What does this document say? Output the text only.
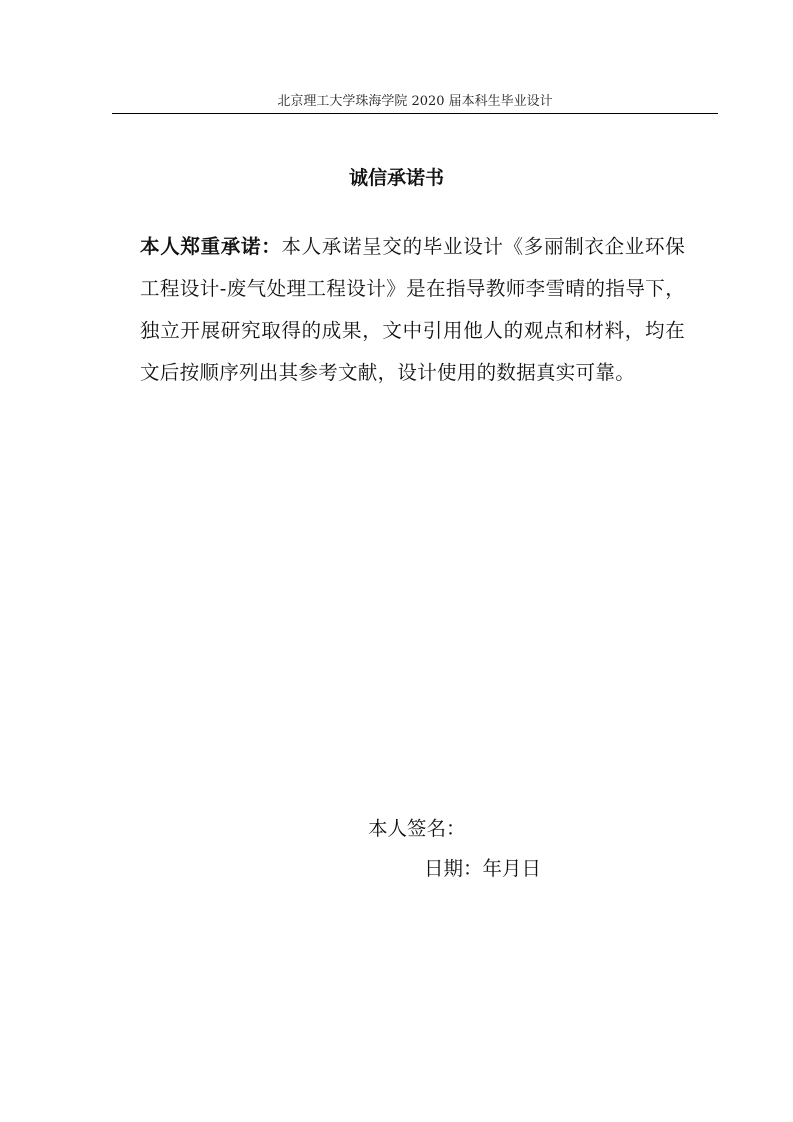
北京理工大学珠海学院 2020 届本科生毕业设计
诚信承诺书
本人郑重承诺：本人承诺呈交的毕业设计《多丽制衣企业环保工程设计-废气处理工程设计》是在指导教师李雪晴的指导下，独立开展研究取得的成果，文中引用他人的观点和材料，均在文后按顺序列出其参考文献，设计使用的数据真实可靠。
本人签名：
日期：年月日
